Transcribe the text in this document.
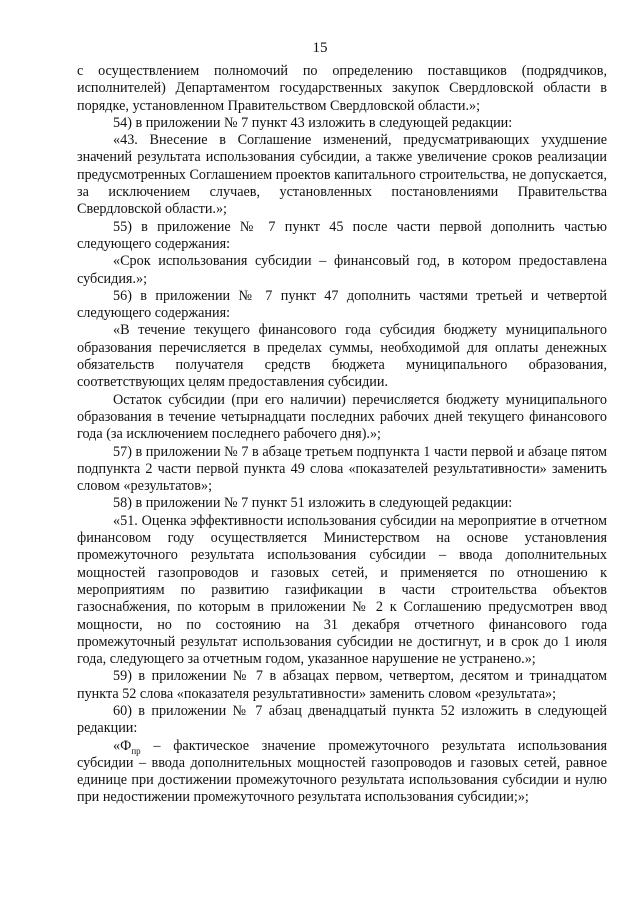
15

с осуществлением полномочий по определению поставщиков (подрядчиков, исполнителей) Департаментом государственных закупок Свердловской области в порядке, установленном Правительством Свердловской области.»;

54) в приложении № 7 пункт 43 изложить в следующей редакции:

«43. Внесение в Соглашение изменений, предусматривающих ухудшение значений результата использования субсидии, а также увеличение сроков реализации предусмотренных Соглашением проектов капитального строительства, не допускается, за исключением случаев, установленных постановлениями Правительства Свердловской области.»;

55) в приложение № 7 пункт 45 после части первой дополнить частью следующего содержания:

«Срок использования субсидии – финансовый год, в котором предоставлена субсидия.»;

56) в приложении № 7 пункт 47 дополнить частями третьей и четвертой следующего содержания:

«В течение текущего финансового года субсидия бюджету муниципального образования перечисляется в пределах суммы, необходимой для оплаты денежных обязательств получателя средств бюджета муниципального образования, соответствующих целям предоставления субсидии.

Остаток субсидии (при его наличии) перечисляется бюджету муниципального образования в течение четырнадцати последних рабочих дней текущего финансового года (за исключением последнего рабочего дня).»;

57) в приложении № 7 в абзаце третьем подпункта 1 части первой и абзаце пятом подпункта 2 части первой пункта 49 слова «показателей результативности» заменить словом «результатов»;

58) в приложении № 7 пункт 51 изложить в следующей редакции:

«51. Оценка эффективности использования субсидии на мероприятие в отчетном финансовом году осуществляется Министерством на основе установления промежуточного результата использования субсидии – ввода дополнительных мощностей газопроводов и газовых сетей, и применяется по отношению к мероприятиям по развитию газификации в части строительства объектов газоснабжения, по которым в приложении № 2 к Соглашению предусмотрен ввод мощности, но по состоянию на 31 декабря отчетного финансового года промежуточный результат использования субсидии не достигнут, и в срок до 1 июля года, следующего за отчетным годом, указанное нарушение не устранено.»;

59) в приложении № 7 в абзацах первом, четвертом, десятом и тринадцатом пункта 52 слова «показателя результативности» заменить словом «результата»;

60) в приложении № 7 абзац двенадцатый пункта 52 изложить в следующей редакции:

«$Ф_{пр}$ – фактическое значение промежуточного результата использования субсидии – ввода дополнительных мощностей газопроводов и газовых сетей, равное единице при достижении промежуточного результата использования субсидии и нулю при недостижении промежуточного результата использования субсидии;»;
